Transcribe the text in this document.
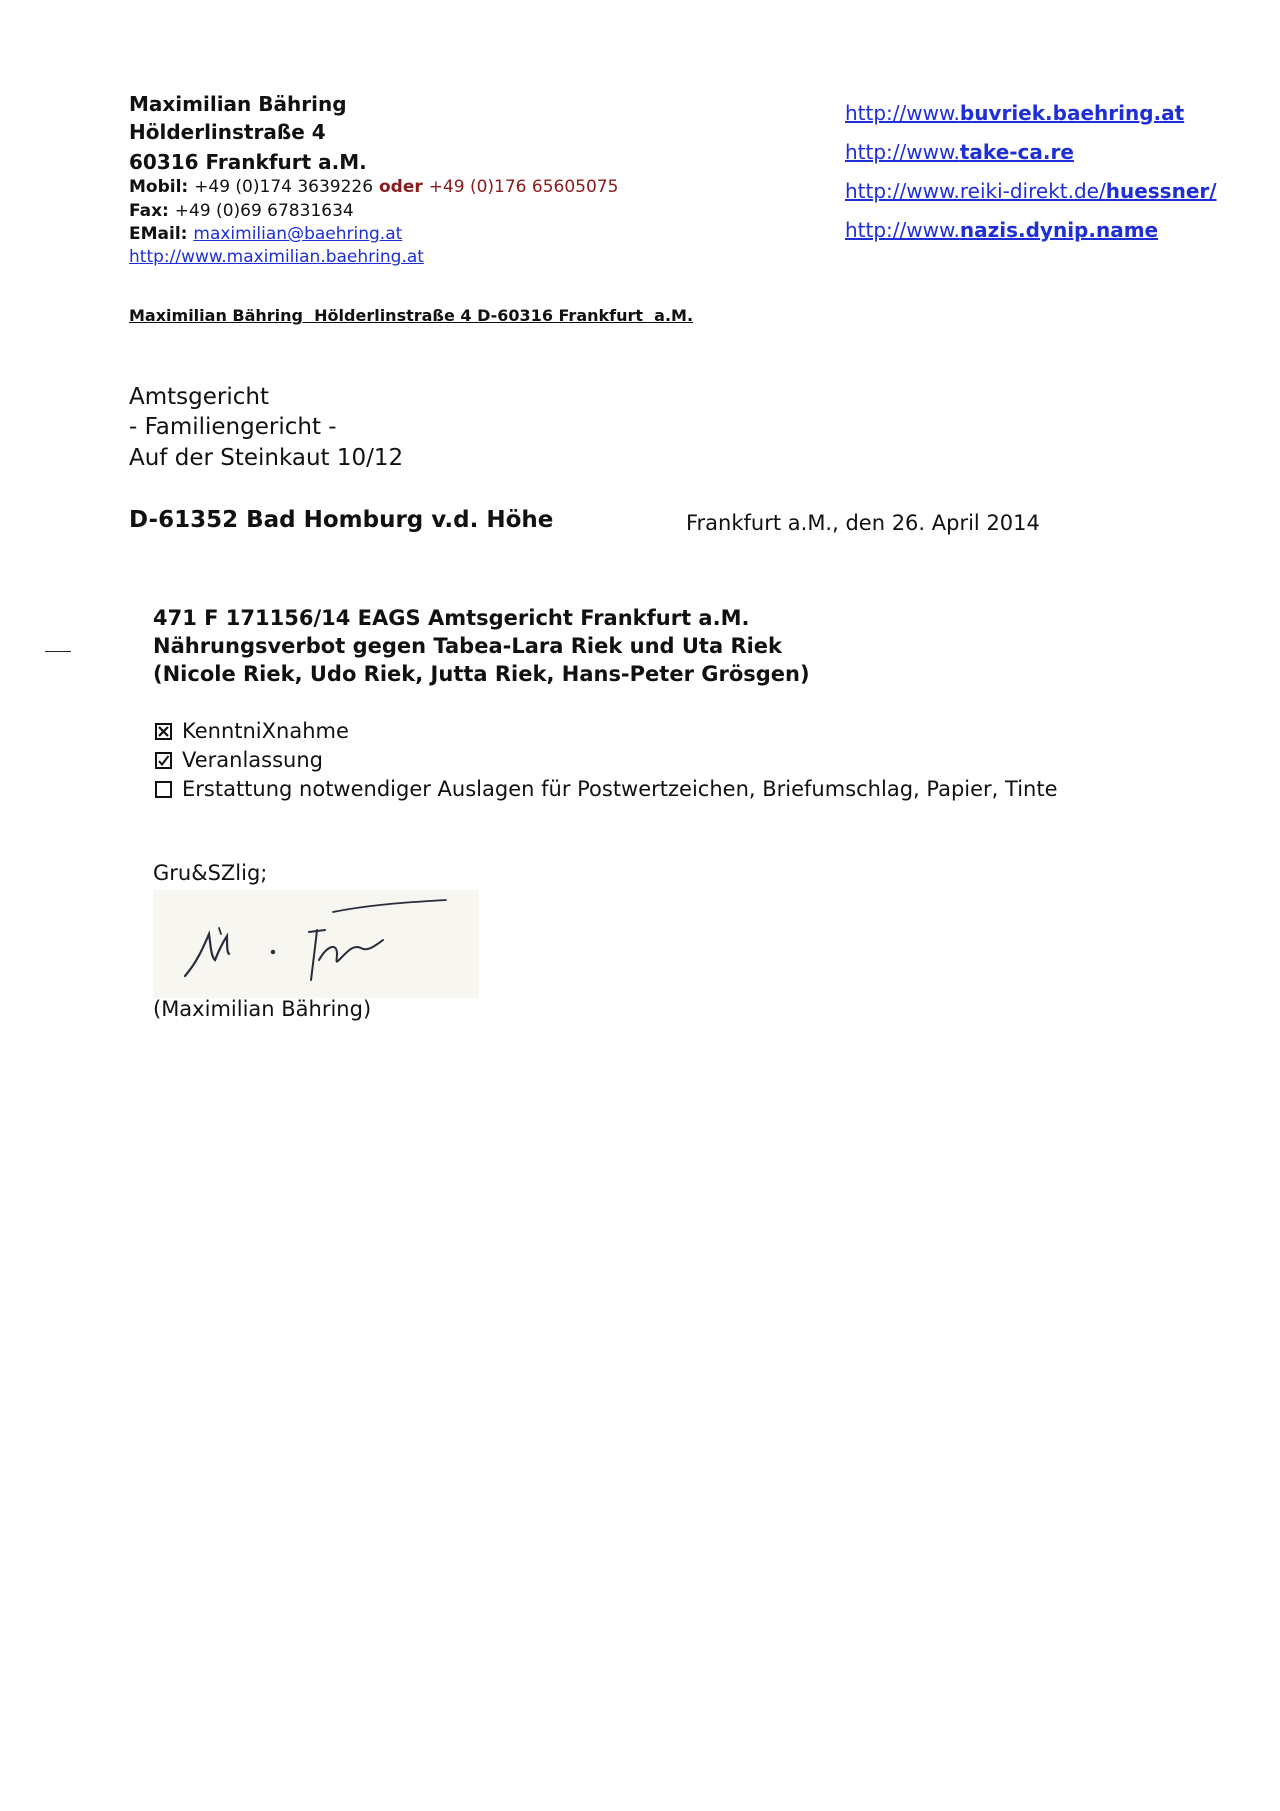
Maximilian Bähring
Hölderlinstraße 4
60316 Frankfurt a.M.
Mobil: +49 (0)174 3639226 oder +49 (0)176 65605075
Fax: +49 (0)69 67831634
EMail: maximilian@baehring.at
http://www.maximilian.baehring.at
http://www.buvriek.baehring.at
http://www.take-ca.re
http://www.reiki-direkt.de/huessner/
http://www.nazis.dynip.name
Maximilian Bähring  Hölderlinstraße 4 D-60316 Frankfurt  a.M.
Amtsgericht
- Familiengericht -
Auf der Steinkaut 10/12
D-61352 Bad Homburg v.d. Höhe	Frankfurt a.M., den 26. April 2014
471 F 171156/14 EAGS Amtsgericht Frankfurt a.M.
Nährungsverbot gegen Tabea-Lara Riek und Uta Riek
(Nicole Riek, Udo Riek, Jutta Riek, Hans-Peter Grösgen)
KenntniXnahme
Veranlassung
Erstattung notwendiger Auslagen für Postwertzeichen, Briefumschlag, Papier, Tinte
Gru&SZlig;
(Maximilian Bähring)
